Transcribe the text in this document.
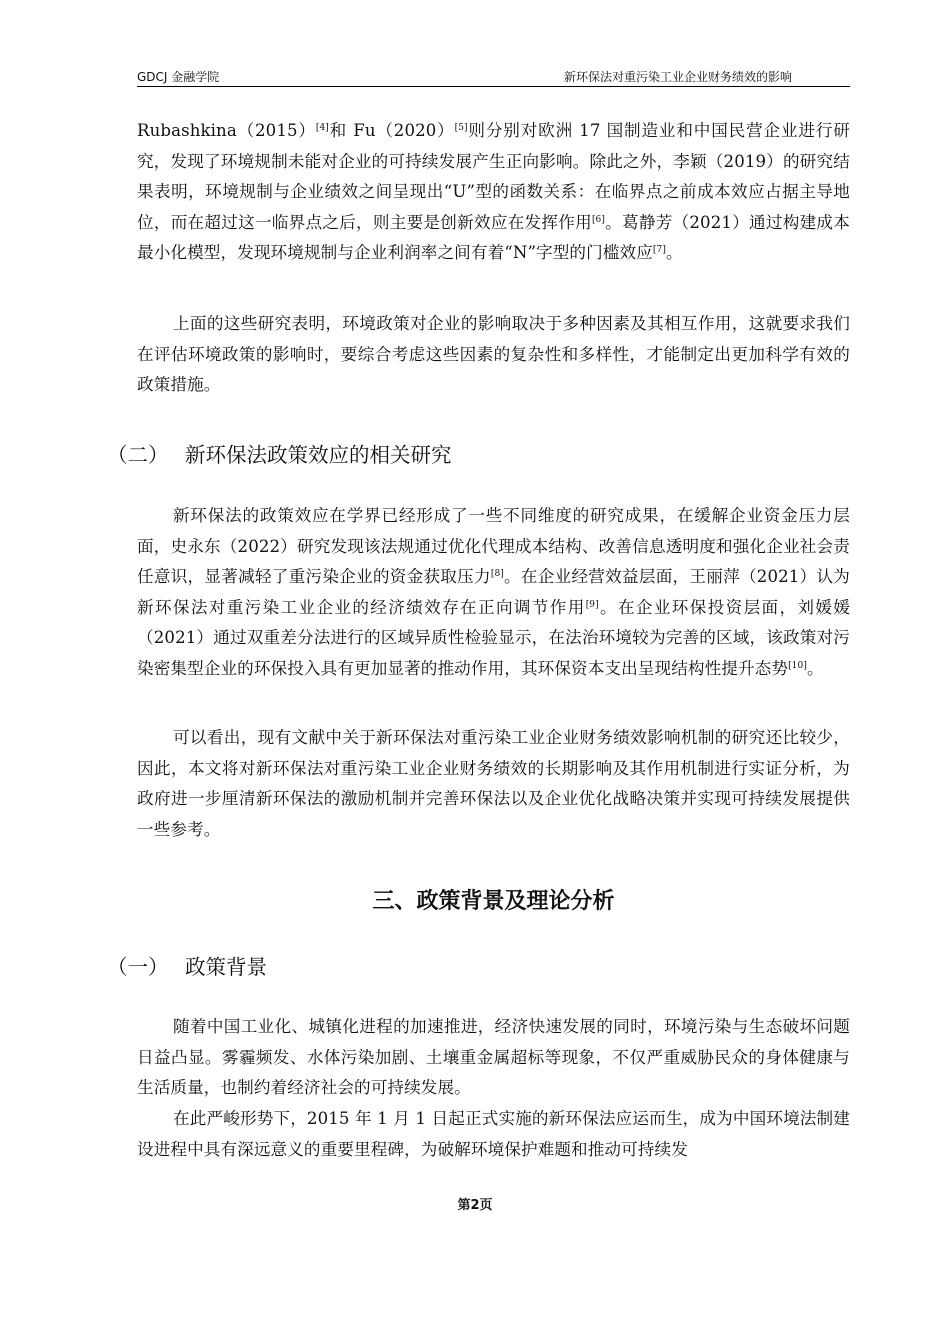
GDCJ 金融学院	新环保法对重污染工业企业财务绩效的影响

Rubashkina（2015）[4]和 Fu（2020）[5]则分别对欧洲 17 国制造业和中国民营企业进行研究，发现了环境规制未能对企业的可持续发展产生正向影响。除此之外，李颖（2019）的研究结果表明，环境规制与企业绩效之间呈现出“U”型的函数关系：在临界点之前成本效应占据主导地位，而在超过这一临界点之后，则主要是创新效应在发挥作用[6]。葛静芳（2021）通过构建成本最小化模型，发现环境规制与企业利润率之间有着“N”字型的门槛效应[7]。

上面的这些研究表明，环境政策对企业的影响取决于多种因素及其相互作用，这就要求我们在评估环境政策的影响时，要综合考虑这些因素的复杂性和多样性，才能制定出更加科学有效的政策措施。

（二） 新环保法政策效应的相关研究

新环保法的政策效应在学界已经形成了一些不同维度的研究成果，在缓解企业资金压力层面，史永东（2022）研究发现该法规通过优化代理成本结构、改善信息透明度和强化企业社会责任意识，显著减轻了重污染企业的资金获取压力[8]。在企业经营效益层面，王丽萍（2021）认为新环保法对重污染工业企业的经济绩效存在正向调节作用[9]。在企业环保投资层面，刘媛媛（2021）通过双重差分法进行的区域异质性检验显示，在法治环境较为完善的区域，该政策对污染密集型企业的环保投入具有更加显著的推动作用，其环保资本支出呈现结构性提升态势[10]。

可以看出，现有文献中关于新环保法对重污染工业企业财务绩效影响机制的研究还比较少，因此，本文将对新环保法对重污染工业企业财务绩效的长期影响及其作用机制进行实证分析，为政府进一步厘清新环保法的激励机制并完善环保法以及企业优化战略决策并实现可持续发展提供一些参考。

三、政策背景及理论分析
（一） 政策背景

随着中国工业化、城镇化进程的加速推进，经济快速发展的同时，环境污染与生态破坏问题日益凸显。雾霾频发、水体污染加剧、土壤重金属超标等现象，不仅严重威胁民众的身体健康与生活质量，也制约着经济社会的可持续发展。

在此严峻形势下，2015 年 1 月 1 日起正式实施的新环保法应运而生，成为中国环境法制建设进程中具有深远意义的重要里程碑，为破解环境保护难题和推动可持续发

第2页
